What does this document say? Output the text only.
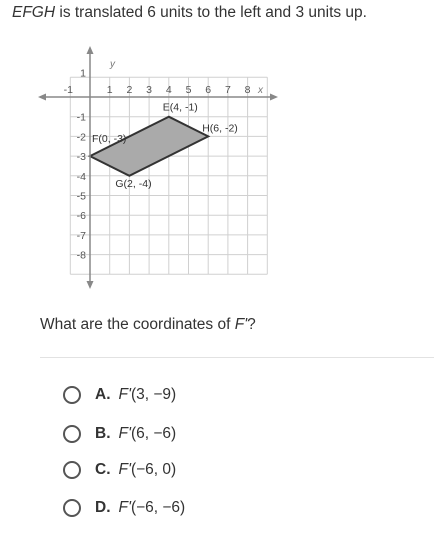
EFGH is translated 6 units to the left and 3 units up.
y
x
-1	1 2 3 4 5 6 7 8
1
-1
-2
-3
-4
-5
-6
-7
-8
E(4, -1)
H(6, -2)
G(2, -4)
F(0, -3)
What are the coordinates of F'?
A. F'(3, −9)
B. F'(6, −6)
C. F'(−6, 0)
D. F'(−6, −6)
